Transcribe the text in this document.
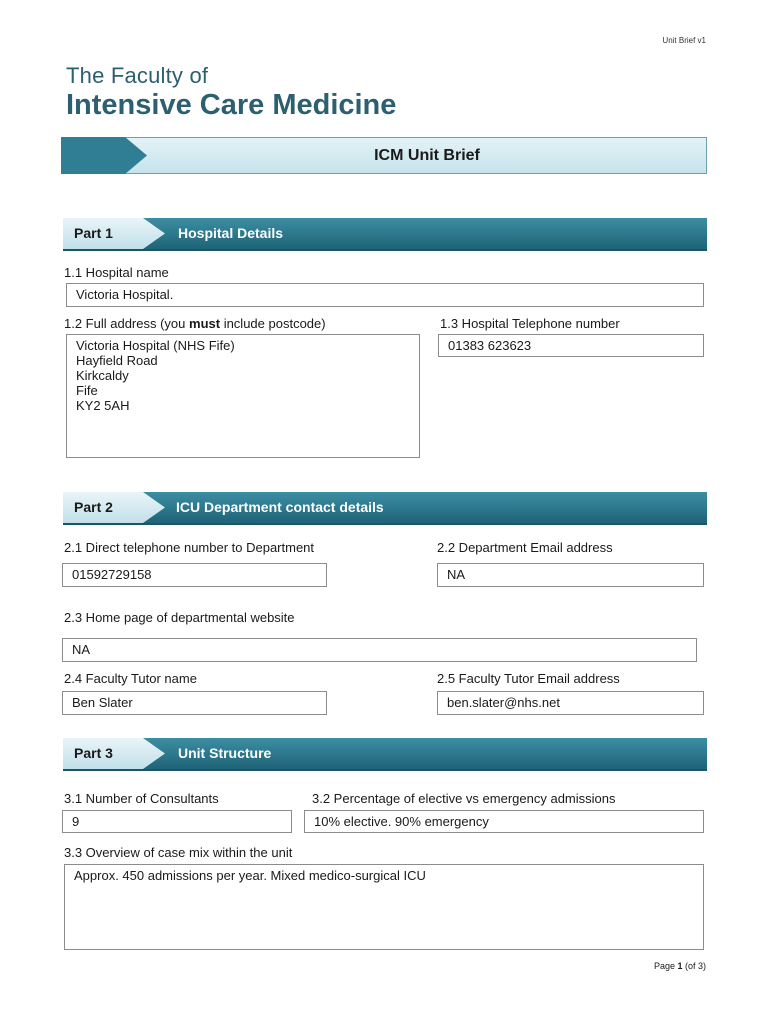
Unit Brief v1
The Faculty of
Intensive Care Medicine
ICM Unit Brief
Part 1	Hospital Details
1.1 Hospital name
Victoria Hospital.
1.2 Full address (you must include postcode)
Victoria Hospital (NHS Fife)
Hayfield Road
Kirkcaldy
Fife
KY2 5AH
1.3 Hospital Telephone number
01383 623623
Part 2	ICU Department contact details
2.1 Direct telephone number to Department
01592729158
2.2 Department Email address
NA
2.3 Home page of departmental website
NA
2.4 Faculty Tutor name
Ben Slater
2.5 Faculty Tutor Email address
ben.slater@nhs.net
Part 3	Unit Structure
3.1 Number of Consultants
9
3.2 Percentage of elective vs emergency admissions
10% elective. 90% emergency
3.3 Overview of case mix within the unit
Approx. 450 admissions per year. Mixed medico-surgical ICU
Page 1 (of 3)
